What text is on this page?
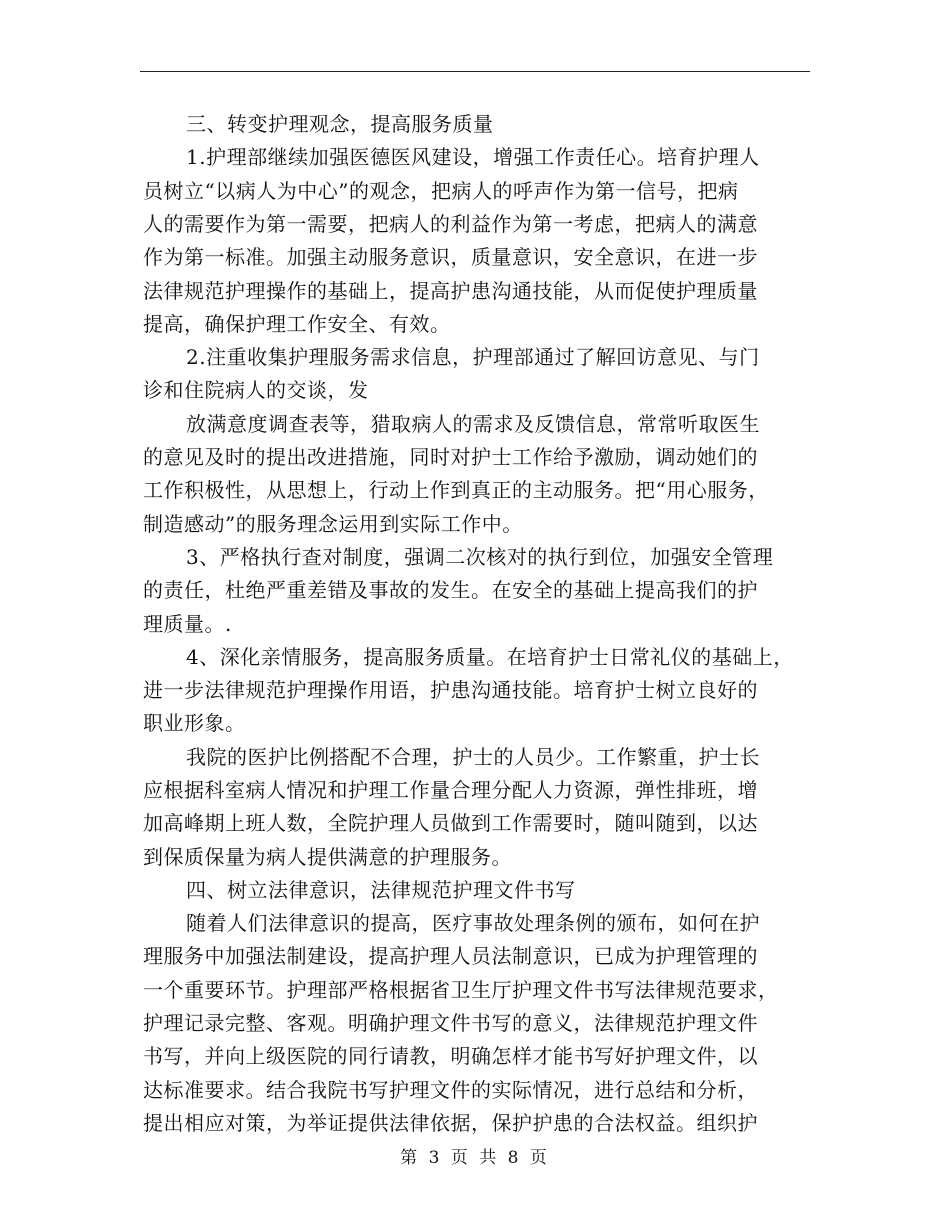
三、转变护理观念，提高服务质量
1.护理部继续加强医德医风建设，增强工作责任心。培育护理人
员树立“以病人为中心”的观念，把病人的呼声作为第一信号，把病
人的需要作为第一需要，把病人的利益作为第一考虑，把病人的满意
作为第一标准。加强主动服务意识，质量意识，安全意识，在进一步
法律规范护理操作的基础上，提高护患沟通技能，从而促使护理质量
提高，确保护理工作安全、有效。
2.注重收集护理服务需求信息，护理部通过了解回访意见、与门
诊和住院病人的交谈，发
放满意度调查表等，猎取病人的需求及反馈信息，常常听取医生
的意见及时的提出改进措施，同时对护士工作给予激励，调动她们的
工作积极性，从思想上，行动上作到真正的主动服务。把“用心服务，
制造感动”的服务理念运用到实际工作中。
3、严格执行查对制度，强调二次核对的执行到位，加强安全管理
的责任，杜绝严重差错及事故的发生。在安全的基础上提高我们的护
理质量。.
4、深化亲情服务，提高服务质量。在培育护士日常礼仪的基础上，
进一步法律规范护理操作用语，护患沟通技能。培育护士树立良好的
职业形象。
我院的医护比例搭配不合理，护士的人员少。工作繁重，护士长
应根据科室病人情况和护理工作量合理分配人力资源，弹性排班，增
加高峰期上班人数，全院护理人员做到工作需要时，随叫随到，以达
到保质保量为病人提供满意的护理服务。
四、树立法律意识，法律规范护理文件书写
随着人们法律意识的提高，医疗事故处理条例的颁布，如何在护
理服务中加强法制建设，提高护理人员法制意识，已成为护理管理的
一个重要环节。护理部严格根据省卫生厅护理文件书写法律规范要求，
护理记录完整、客观。明确护理文件书写的意义，法律规范护理文件
书写，并向上级医院的同行请教，明确怎样才能书写好护理文件，以
达标准要求。结合我院书写护理文件的实际情况，进行总结和分析，
提出相应对策，为举证提供法律依据，保护护患的合法权益。组织护
第 3 页 共 8 页
